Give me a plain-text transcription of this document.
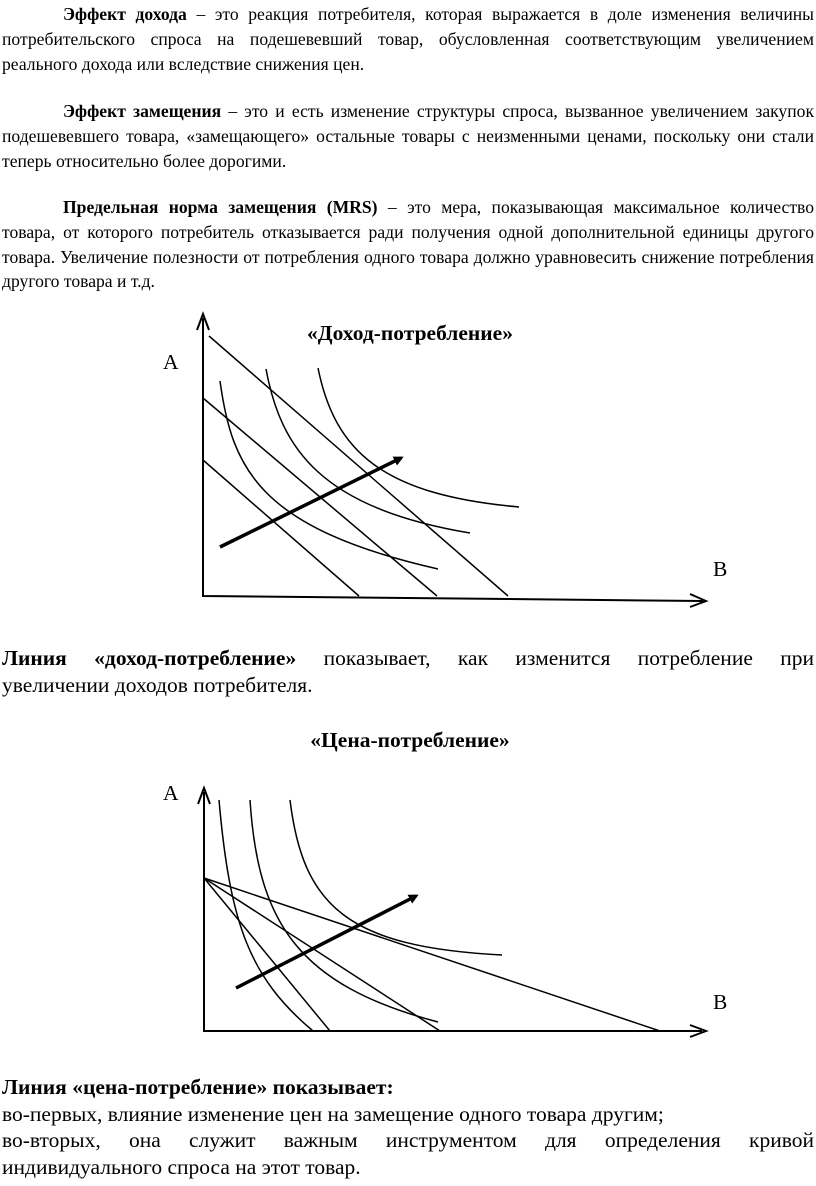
Эффект дохода – это реакция потребителя, которая выражается в доле изменения величины потребительского спроса на подешевевший товар, обусловленная соответствующим увеличением реального дохода или вследствие снижения цен.

Эффект замещения – это и есть изменение структуры спроса, вызванное увеличением закупок подешевевшего товара, «замещающего» остальные товары с неизменными ценами, поскольку они стали теперь относительно более дорогими.

Предельная норма замещения (MRS) – это мера, показывающая максимальное количество товара, от которого потребитель отказывается ради получения одной дополнительной единицы другого товара. Увеличение полезности от потребления одного товара должно уравновесить снижение потребления другого товара и т.д.

«Доход-потребление»
A
B
Линия «доход-потребление» показывает, как изменится потребление при
увеличении доходов потребителя.
«Цена-потребление»
A
B
Линия «цена-потребление» показывает:
во-первых, влияние изменение цен на замещение одного товара другим;
во-вторых, она служит важным инструментом для определения кривой
индивидуального спроса на этот товар.
